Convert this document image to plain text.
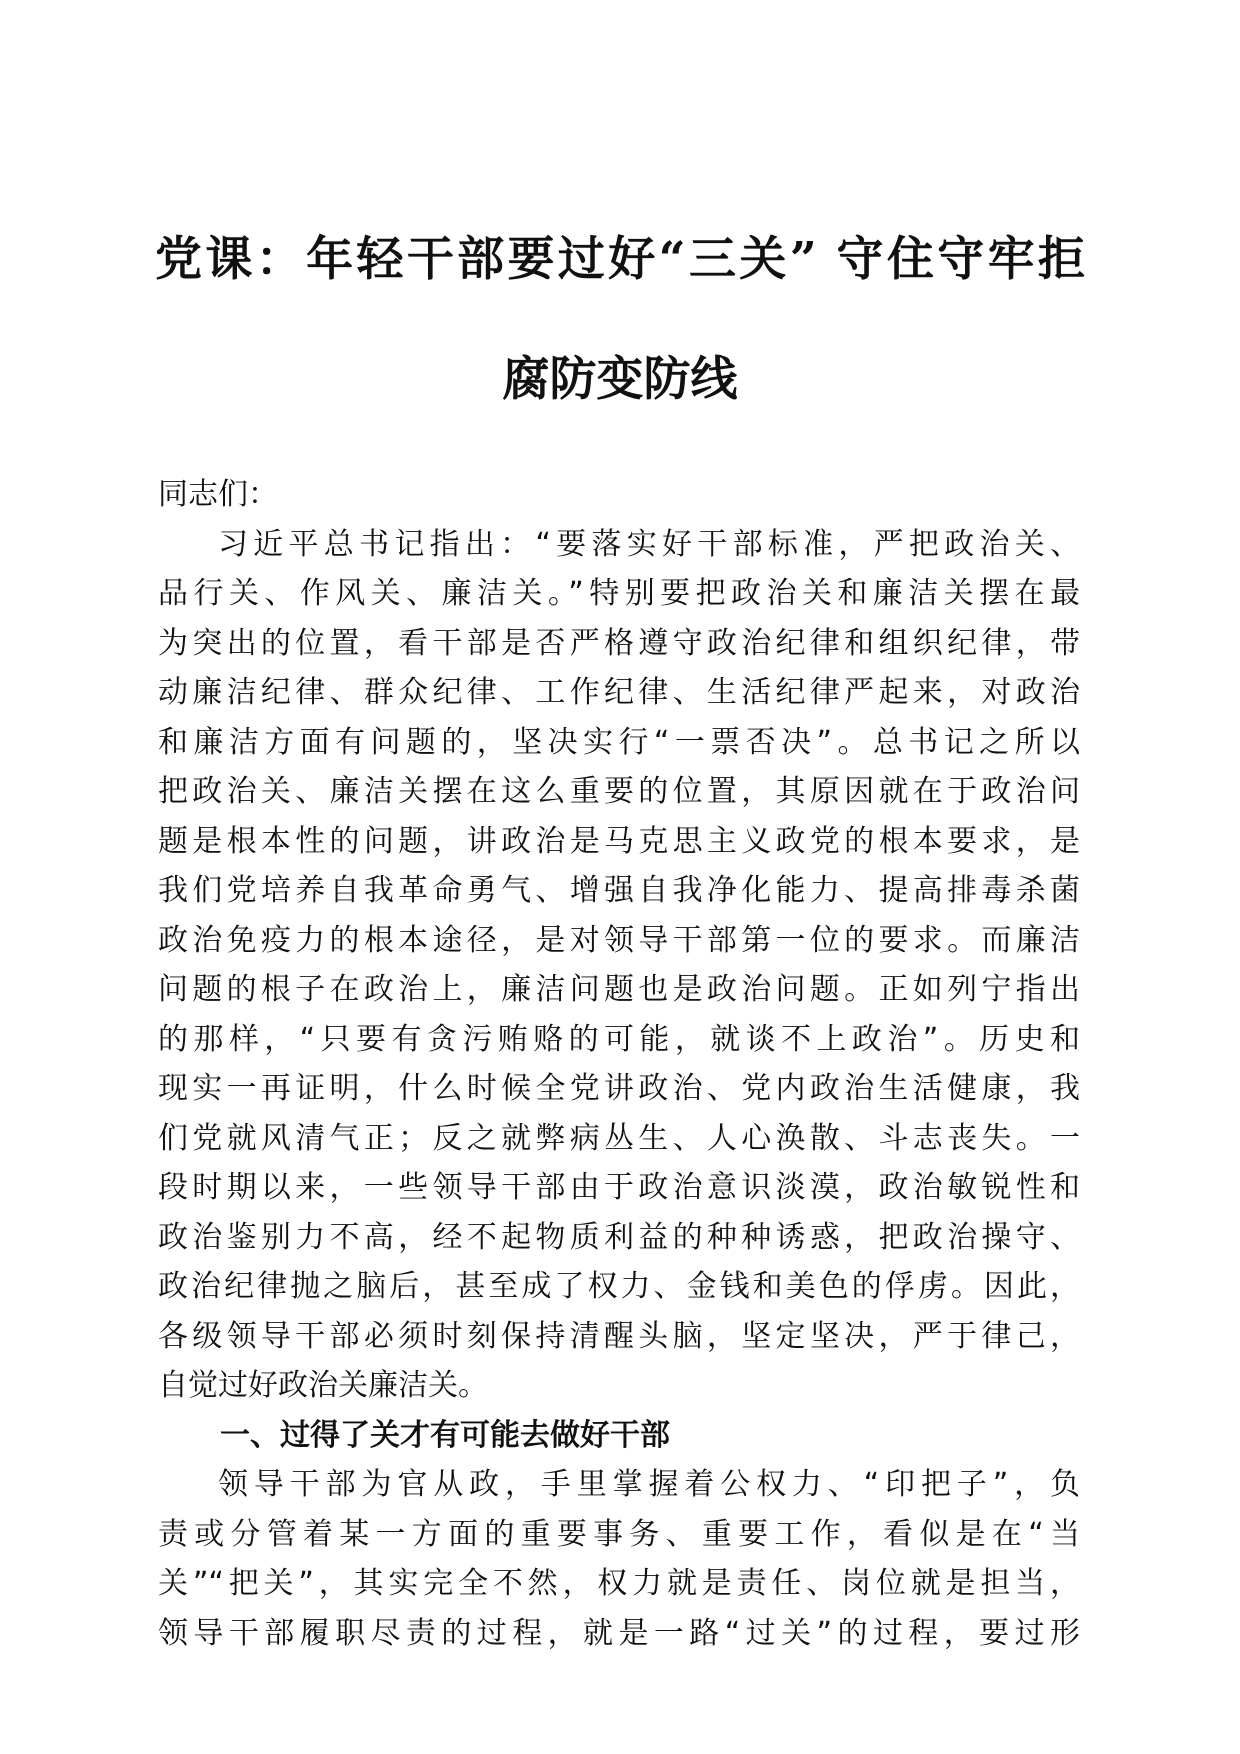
党课：年轻干部要过好“三关” 守住守牢拒
腐防变防线
同志们：
习近平总书记指出：“要落实好干部标准，严把政治关、
品行关、作风关、廉洁关。”特别要把政治关和廉洁关摆在最
为突出的位置，看干部是否严格遵守政治纪律和组织纪律，带
动廉洁纪律、群众纪律、工作纪律、生活纪律严起来，对政治
和廉洁方面有问题的，坚决实行“一票否决”。总书记之所以
把政治关、廉洁关摆在这么重要的位置，其原因就在于政治问
题是根本性的问题，讲政治是马克思主义政党的根本要求，是
我们党培养自我革命勇气、增强自我净化能力、提高排毒杀菌
政治免疫力的根本途径，是对领导干部第一位的要求。而廉洁
问题的根子在政治上，廉洁问题也是政治问题。正如列宁指出
的那样，“只要有贪污贿赂的可能，就谈不上政治”。历史和
现实一再证明，什么时候全党讲政治、党内政治生活健康，我
们党就风清气正；反之就弊病丛生、人心涣散、斗志丧失。一
段时期以来，一些领导干部由于政治意识淡漠，政治敏锐性和
政治鉴别力不高，经不起物质利益的种种诱惑，把政治操守、
政治纪律抛之脑后，甚至成了权力、金钱和美色的俘虏。因此，
各级领导干部必须时刻保持清醒头脑，坚定坚决，严于律己，
自觉过好政治关廉洁关。
一、过得了关才有可能去做好干部
领导干部为官从政，手里掌握着公权力、“印把子”，负
责或分管着某一方面的重要事务、重要工作，看似是在“当
关”“把关”，其实完全不然，权力就是责任、岗位就是担当，
领导干部履职尽责的过程，就是一路“过关”的过程，要过形
